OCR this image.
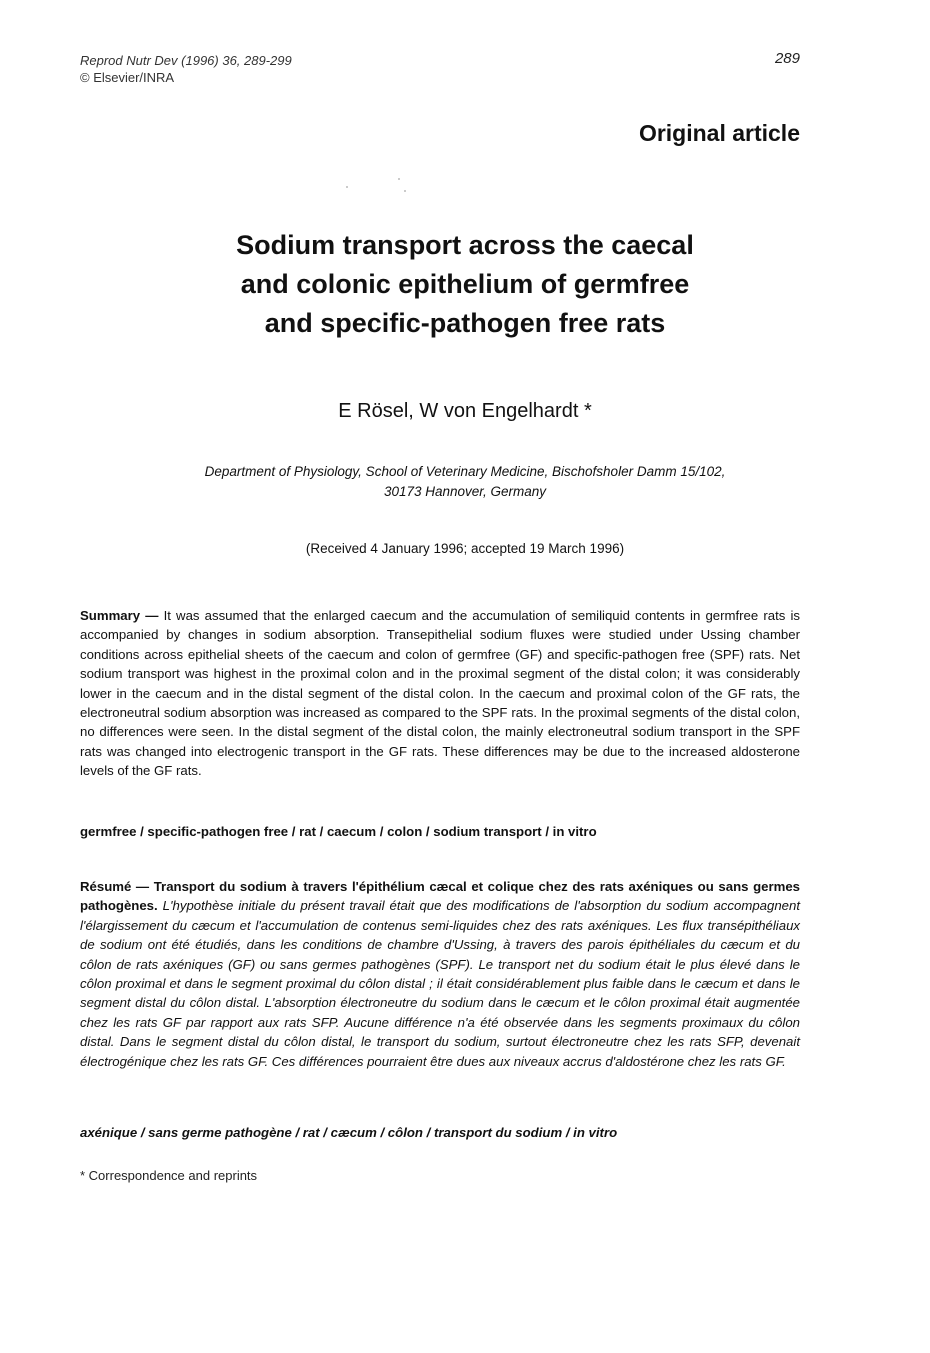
Reprod Nutr Dev (1996) 36, 289-299
© Elsevier/INRA
289
Original article
Sodium transport across the caecal
and colonic epithelium of germfree
and specific-pathogen free rats
E Rösel, W von Engelhardt *
Department of Physiology, School of Veterinary Medicine, Bischofsholer Damm 15/102,
30173 Hannover, Germany
(Received 4 January 1996; accepted 19 March 1996)
Summary — It was assumed that the enlarged caecum and the accumulation of semiliquid contents in germfree rats is accompanied by changes in sodium absorption. Transepithelial sodium fluxes were studied under Ussing chamber conditions across epithelial sheets of the caecum and colon of germfree (GF) and specific-pathogen free (SPF) rats. Net sodium transport was highest in the proximal colon and in the proximal segment of the distal colon; it was considerably lower in the caecum and in the distal segment of the distal colon. In the caecum and proximal colon of the GF rats, the electroneutral sodium absorption was increased as compared to the SPF rats. In the proximal segments of the distal colon, no differences were seen. In the distal segment of the distal colon, the mainly electroneutral sodium transport in the SPF rats was changed into electrogenic transport in the GF rats. These differences may be due to the increased aldosterone levels of the GF rats.
germfree / specific-pathogen free / rat / caecum / colon / sodium transport / in vitro
Résumé — Transport du sodium à travers l'épithélium cæcal et colique chez des rats axéniques ou sans germes pathogènes. L'hypothèse initiale du présent travail était que des modifications de l'absorption du sodium accompagnent l'élargissement du cæcum et l'accumulation de contenus semi-liquides chez des rats axéniques. Les flux transépithéliaux de sodium ont été étudiés, dans les conditions de chambre d'Ussing, à travers des parois épithéliales du cæcum et du côlon de rats axéniques (GF) ou sans germes pathogènes (SPF). Le transport net du sodium était le plus élevé dans le côlon proximal et dans le segment proximal du côlon distal ; il était considérablement plus faible dans le cæcum et dans le segment distal du côlon distal. L'absorption électroneutre du sodium dans le cæcum et le côlon proximal était augmentée chez les rats GF par rapport aux rats SFP. Aucune différence n'a été observée dans les segments proximaux du côlon distal. Dans le segment distal du côlon distal, le transport du sodium, surtout électroneutre chez les rats SFP, devenait électrogénique chez les rats GF. Ces différences pourraient être dues aux niveaux accrus d'aldostérone chez les rats GF.
axénique / sans germe pathogène / rat / cæcum / côlon / transport du sodium / in vitro
* Correspondence and reprints
